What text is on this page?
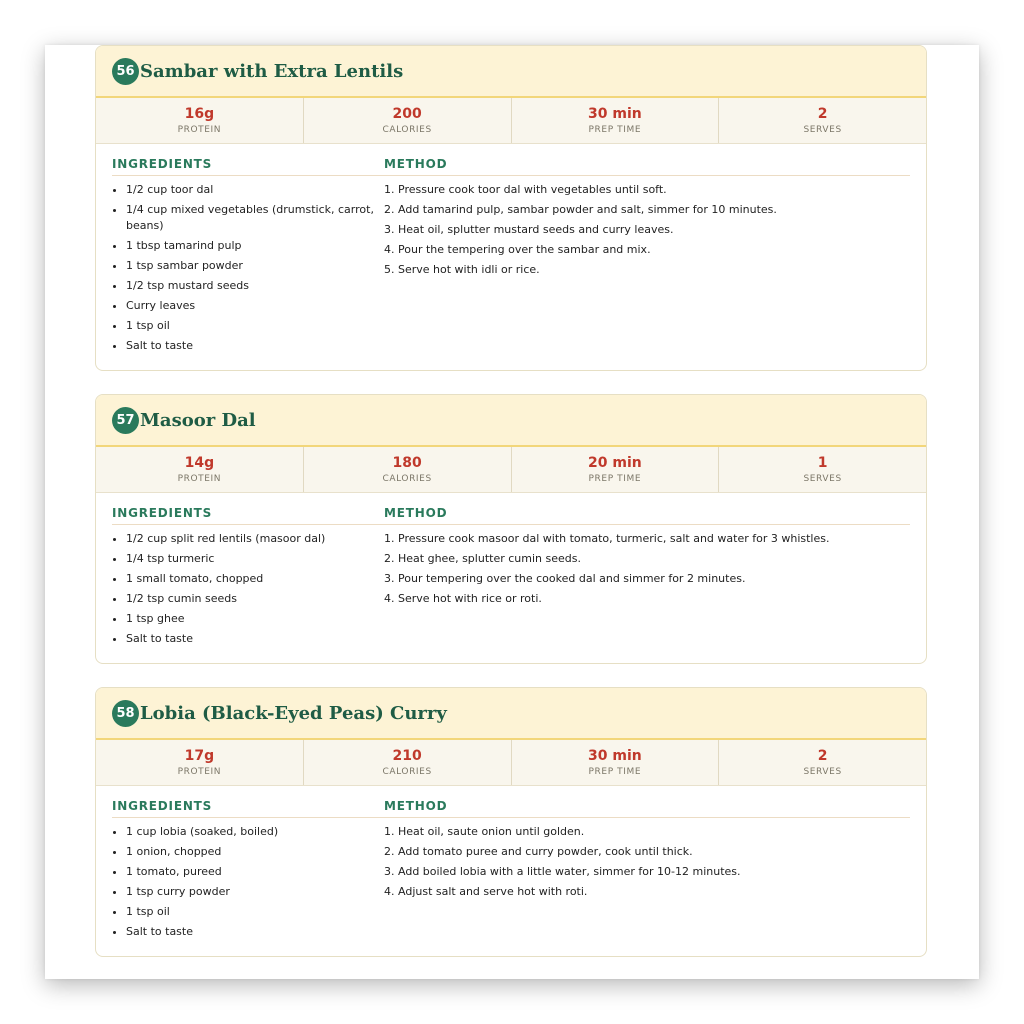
56 Sambar with Extra Lentils
16g
PROTEIN
200
CALORIES
30 min
PREP TIME
2
SERVES
INGREDIENTS	METHOD
• 1/2 cup toor dal
• 1/4 cup mixed vegetables (drumstick, carrot, beans)
• 1 tbsp tamarind pulp
• 1 tsp sambar powder
• 1/2 tsp mustard seeds
• Curry leaves
• 1 tsp oil
• Salt to taste
1. Pressure cook toor dal with vegetables until soft.
2. Add tamarind pulp, sambar powder and salt, simmer for 10 minutes.
3. Heat oil, splutter mustard seeds and curry leaves.
4. Pour the tempering over the sambar and mix.
5. Serve hot with idli or rice.
57 Masoor Dal
14g
PROTEIN
180
CALORIES
20 min
PREP TIME
1
SERVES
INGREDIENTS	METHOD
• 1/2 cup split red lentils (masoor dal)
• 1/4 tsp turmeric
• 1 small tomato, chopped
• 1/2 tsp cumin seeds
• 1 tsp ghee
• Salt to taste
1. Pressure cook masoor dal with tomato, turmeric, salt and water for 3 whistles.
2. Heat ghee, splutter cumin seeds.
3. Pour tempering over the cooked dal and simmer for 2 minutes.
4. Serve hot with rice or roti.
58 Lobia (Black-Eyed Peas) Curry
17g
PROTEIN
210
CALORIES
30 min
PREP TIME
2
SERVES
INGREDIENTS	METHOD
• 1 cup lobia (soaked, boiled)
• 1 onion, chopped
• 1 tomato, pureed
• 1 tsp curry powder
• 1 tsp oil
• Salt to taste
1. Heat oil, saute onion until golden.
2. Add tomato puree and curry powder, cook until thick.
3. Add boiled lobia with a little water, simmer for 10-12 minutes.
4. Adjust salt and serve hot with roti.
